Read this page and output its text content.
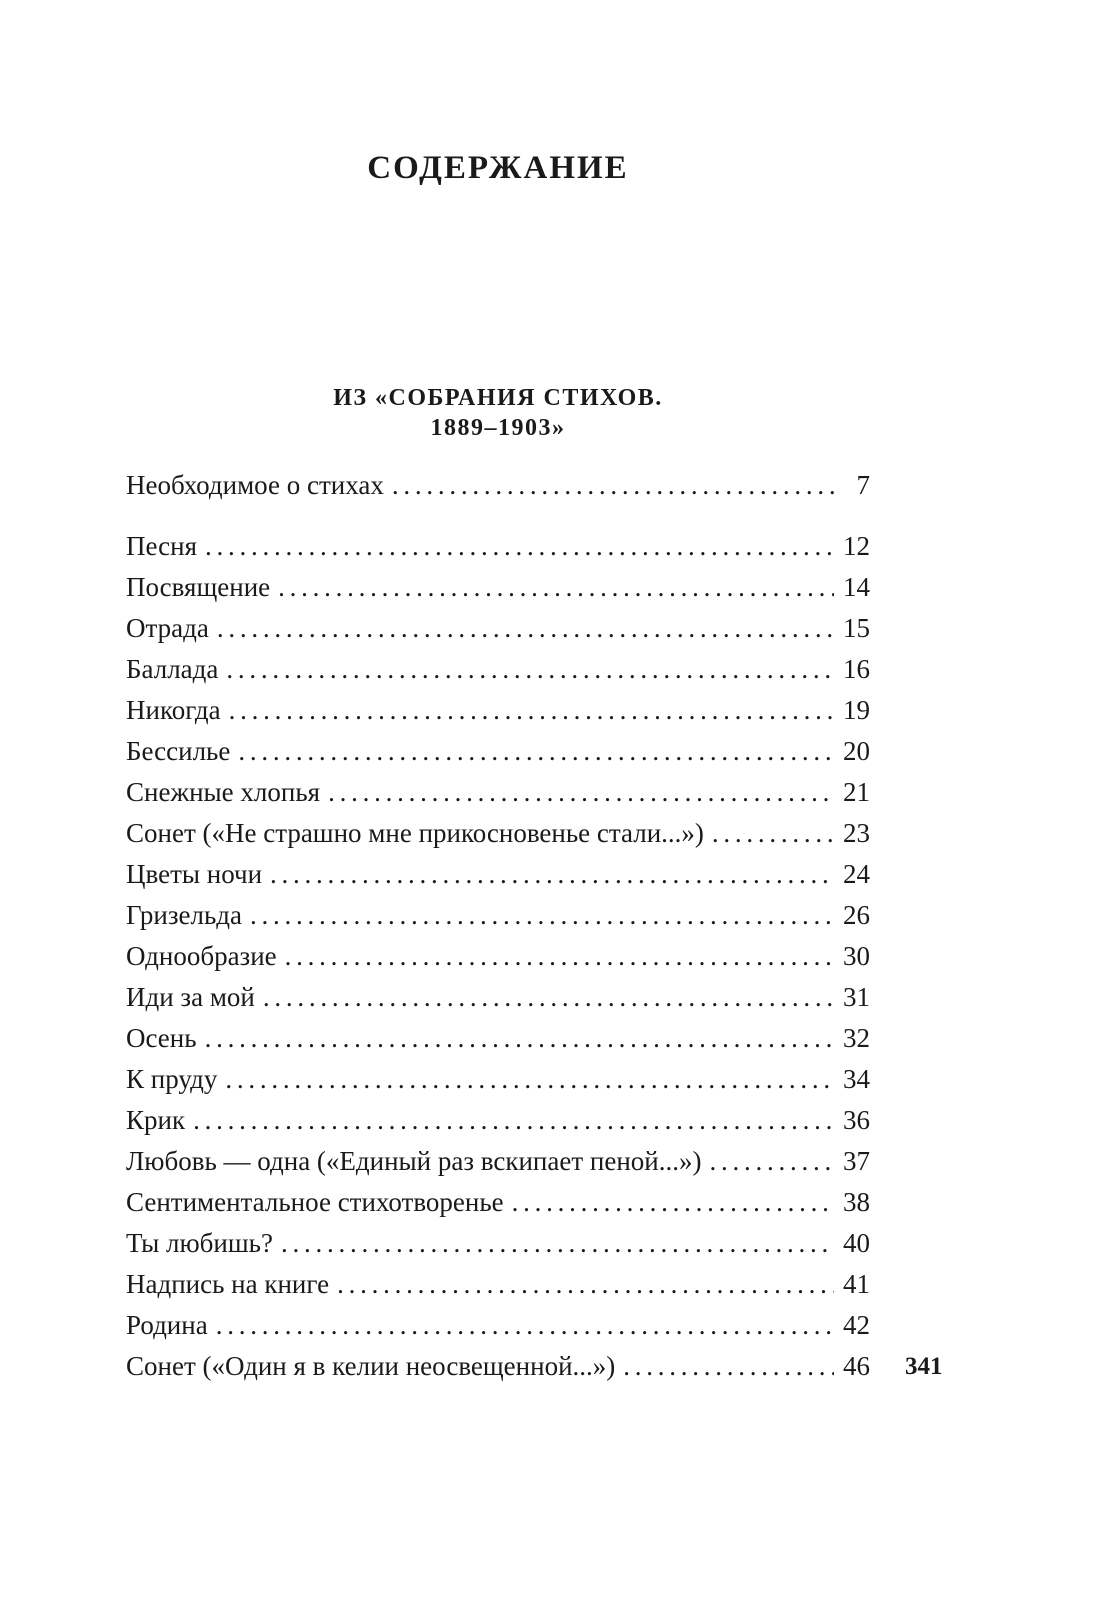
СОДЕРЖАНИЕ
ИЗ «СОБРАНИЯ СТИХОВ.
1889–1903»
Необходимое о стихах . . .	7
Песня . . .	12
Посвящение . . .	14
Отрада . . .	15
Баллада . . .	16
Никогда . . .	19
Бессилье . . .	20
Снежные хлопья . . .	21
Сонет («Не страшно мне прикосновенье стали...») . . .	23
Цветы ночи . . .	24
Гризельда . . .	26
Однообразие . . .	30
Иди за мой . . .	31
Осень . . .	32
К пруду . . .	34
Крик . . .	36
Любовь — одна («Единый раз вскипает пеной...») . . .	37
Сентиментальное стихотворенье . . .	38
Ты любишь? . . .	40
Надпись на книге . . .	41
Родина . . .	42
Сонет («Один я в келии неосвещенной...») . . .	46 341
